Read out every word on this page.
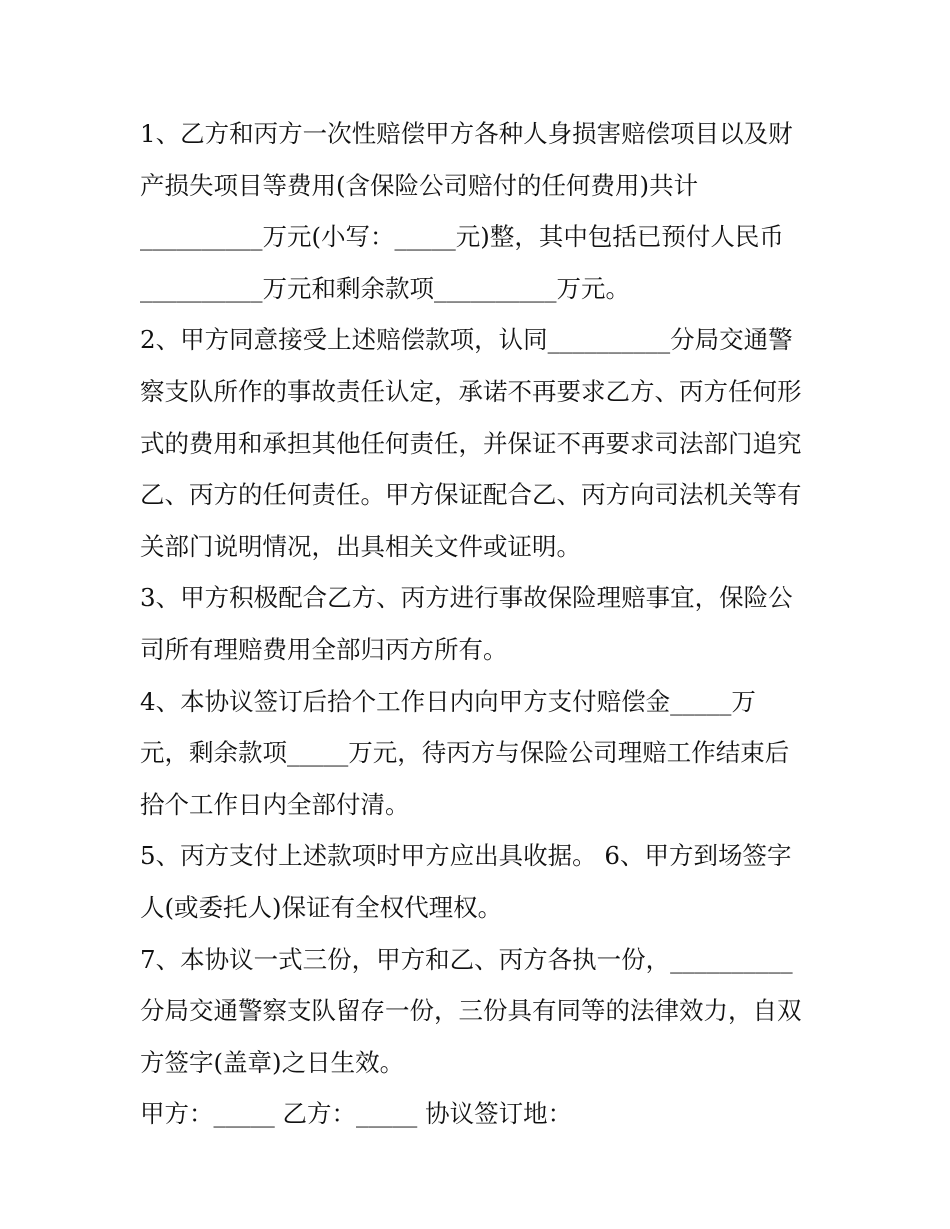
1、乙方和丙方一次性赔偿甲方各种人身损害赔偿项目以及财
产损失项目等费用(含保险公司赔付的任何费用)共计
__________万元(小写：_____元)整，其中包括已预付人民币
__________万元和剩余款项__________万元。
2、甲方同意接受上述赔偿款项，认同__________分局交通警
察支队所作的事故责任认定，承诺不再要求乙方、丙方任何形
式的费用和承担其他任何责任，并保证不再要求司法部门追究
乙、丙方的任何责任。甲方保证配合乙、丙方向司法机关等有
关部门说明情况，出具相关文件或证明。
3、甲方积极配合乙方、丙方进行事故保险理赔事宜，保险公
司所有理赔费用全部归丙方所有。
4、本协议签订后拾个工作日内向甲方支付赔偿金_____万
元，剩余款项_____万元，待丙方与保险公司理赔工作结束后
拾个工作日内全部付清。
5、丙方支付上述款项时甲方应出具收据。 6、甲方到场签字
人(或委托人)保证有全权代理权。
7、本协议一式三份，甲方和乙、丙方各执一份，__________
分局交通警察支队留存一份，三份具有同等的法律效力，自双
方签字(盖章)之日生效。
甲方：_____ 乙方：_____ 协议签订地：
